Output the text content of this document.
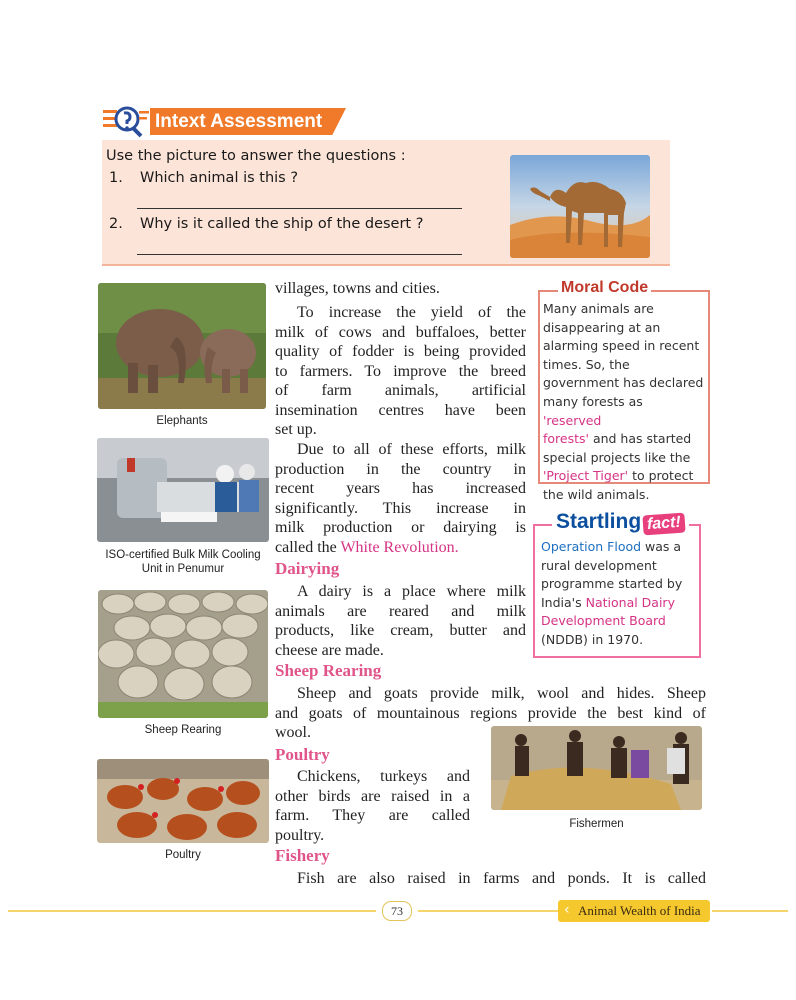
Intext Assessment
Use the picture to answer the questions :
1. Which animal is this ?
2. Why is it called the ship of the desert ?
Elephants
ISO-certified Bulk Milk Cooling
Unit in Penumur
Sheep Rearing
Poultry
Fishermen
villages, towns and cities.
To increase the yield of the
milk of cows and buffaloes, better
quality of fodder is being provided
to farmers. To improve the breed
of farm animals, artificial
insemination centres have been
set up.
Due to all of these efforts, milk
production in the country in
recent years has increased
significantly. This increase in
milk production or dairying is
called the White Revolution.
Dairying
A dairy is a place where milk
animals are reared and milk
products, like cream, butter and
cheese are made.
Sheep Rearing
Sheep and goats provide milk, wool and hides. Sheep
and goats of mountainous regions provide the best kind of
wool.
Poultry
Chickens, turkeys and
other birds are raised in a
farm. They are called
poultry.
Fishery
Fish are also raised in farms and ponds. It is called
Moral Code
Many animals are
disappearing at an
alarming speed in recent
times. So, the
government has declared
many forests as 'reserved
forests' and has started
special projects like the
'Project Tiger' to protect
the wild animals.
Startling fact!
Operation Flood was a
rural development
programme started by
India's National Dairy
Development Board
(NDDB) in 1970.
73	‹ Animal Wealth of India
